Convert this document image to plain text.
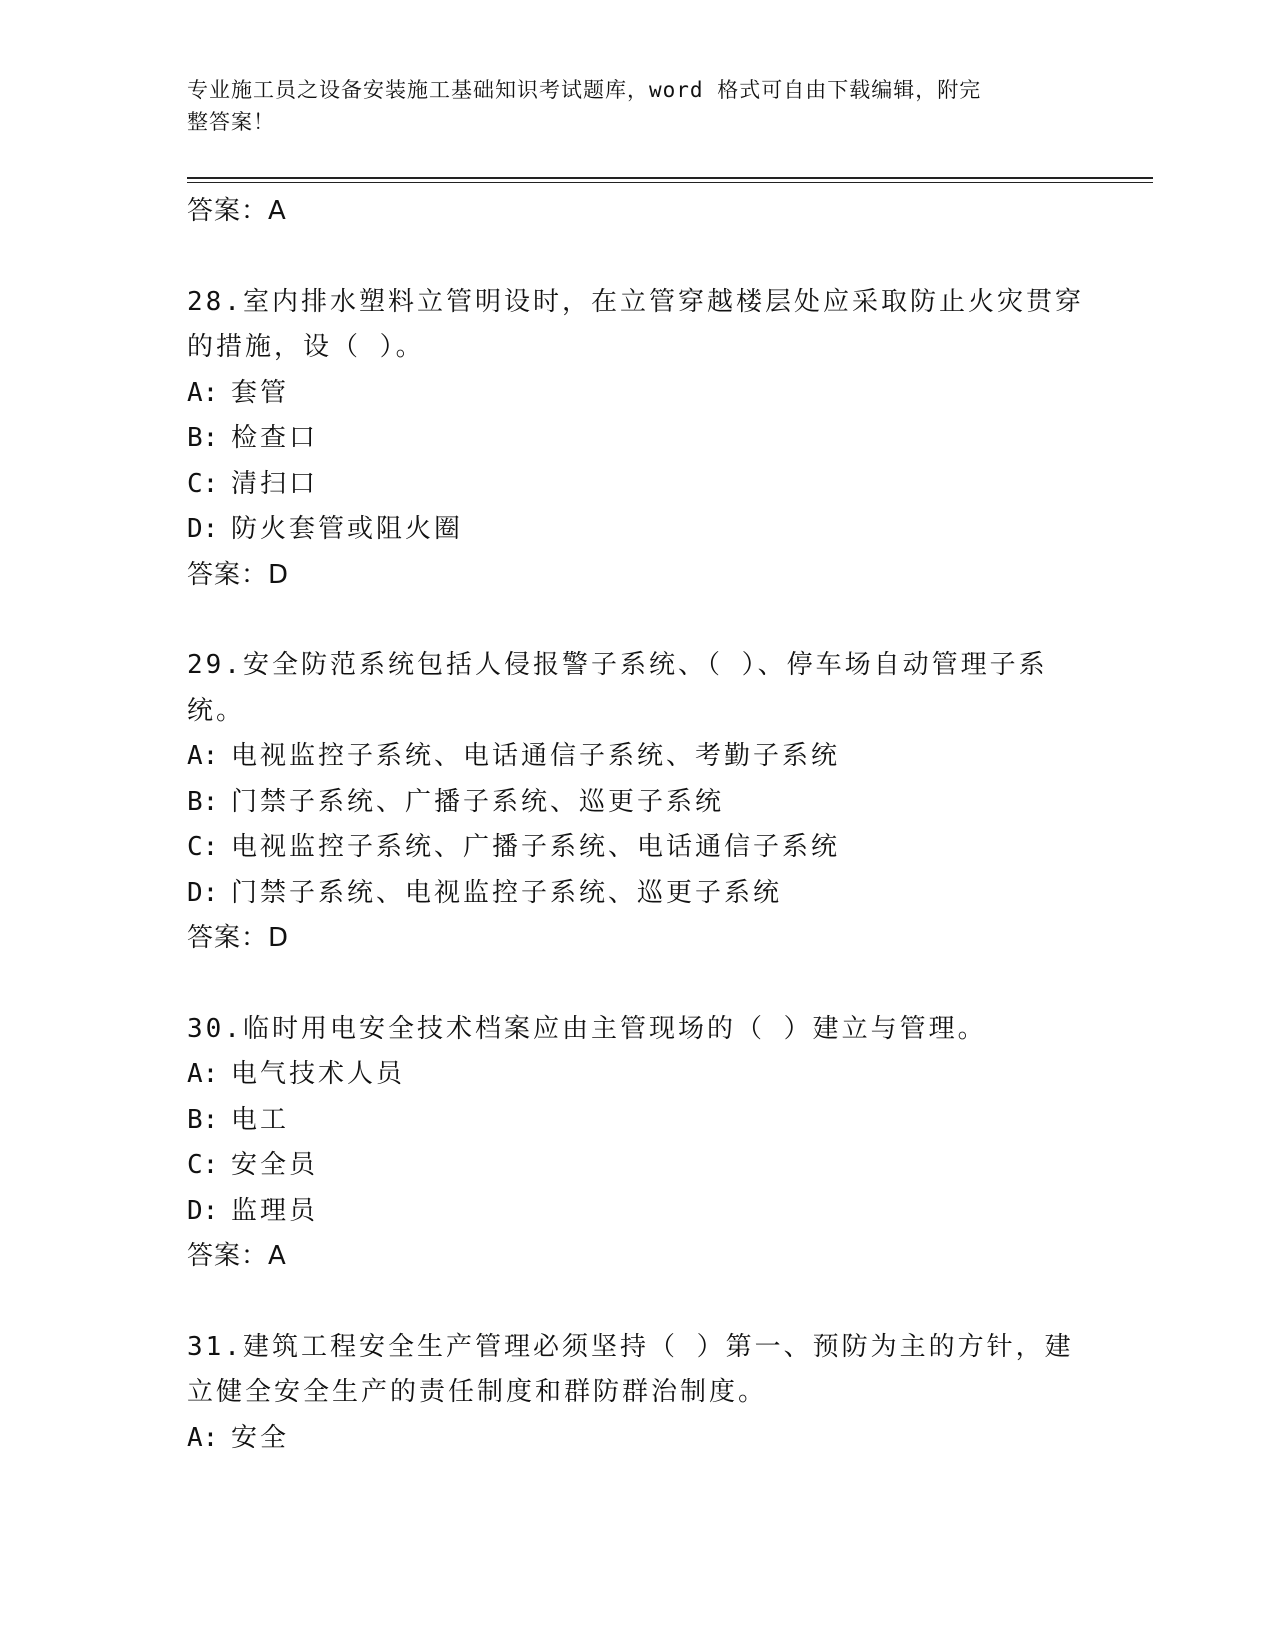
专业施工员之设备安装施工基础知识考试题库，word 格式可自由下载编辑，附完
整答案！
答案：A
28.室内排水塑料立管明设时，在立管穿越楼层处应采取防止火灾贯穿
的措施，设（ ）。
A: 套管
B: 检查口
C: 清扫口
D: 防火套管或阻火圈
答案：D
29.安全防范系统包括人侵报警子系统、（ ）、停车场自动管理子系
统。
A: 电视监控子系统、电话通信子系统、考勤子系统
B: 门禁子系统、广播子系统、巡更子系统
C: 电视监控子系统、广播子系统、电话通信子系统
D: 门禁子系统、电视监控子系统、巡更子系统
答案：D
30.临时用电安全技术档案应由主管现场的（ ）建立与管理。
A: 电气技术人员
B: 电工
C: 安全员
D: 监理员
答案：A
31.建筑工程安全生产管理必须坚持（ ）第一、预防为主的方针，建
立健全安全生产的责任制度和群防群治制度。
A: 安全
